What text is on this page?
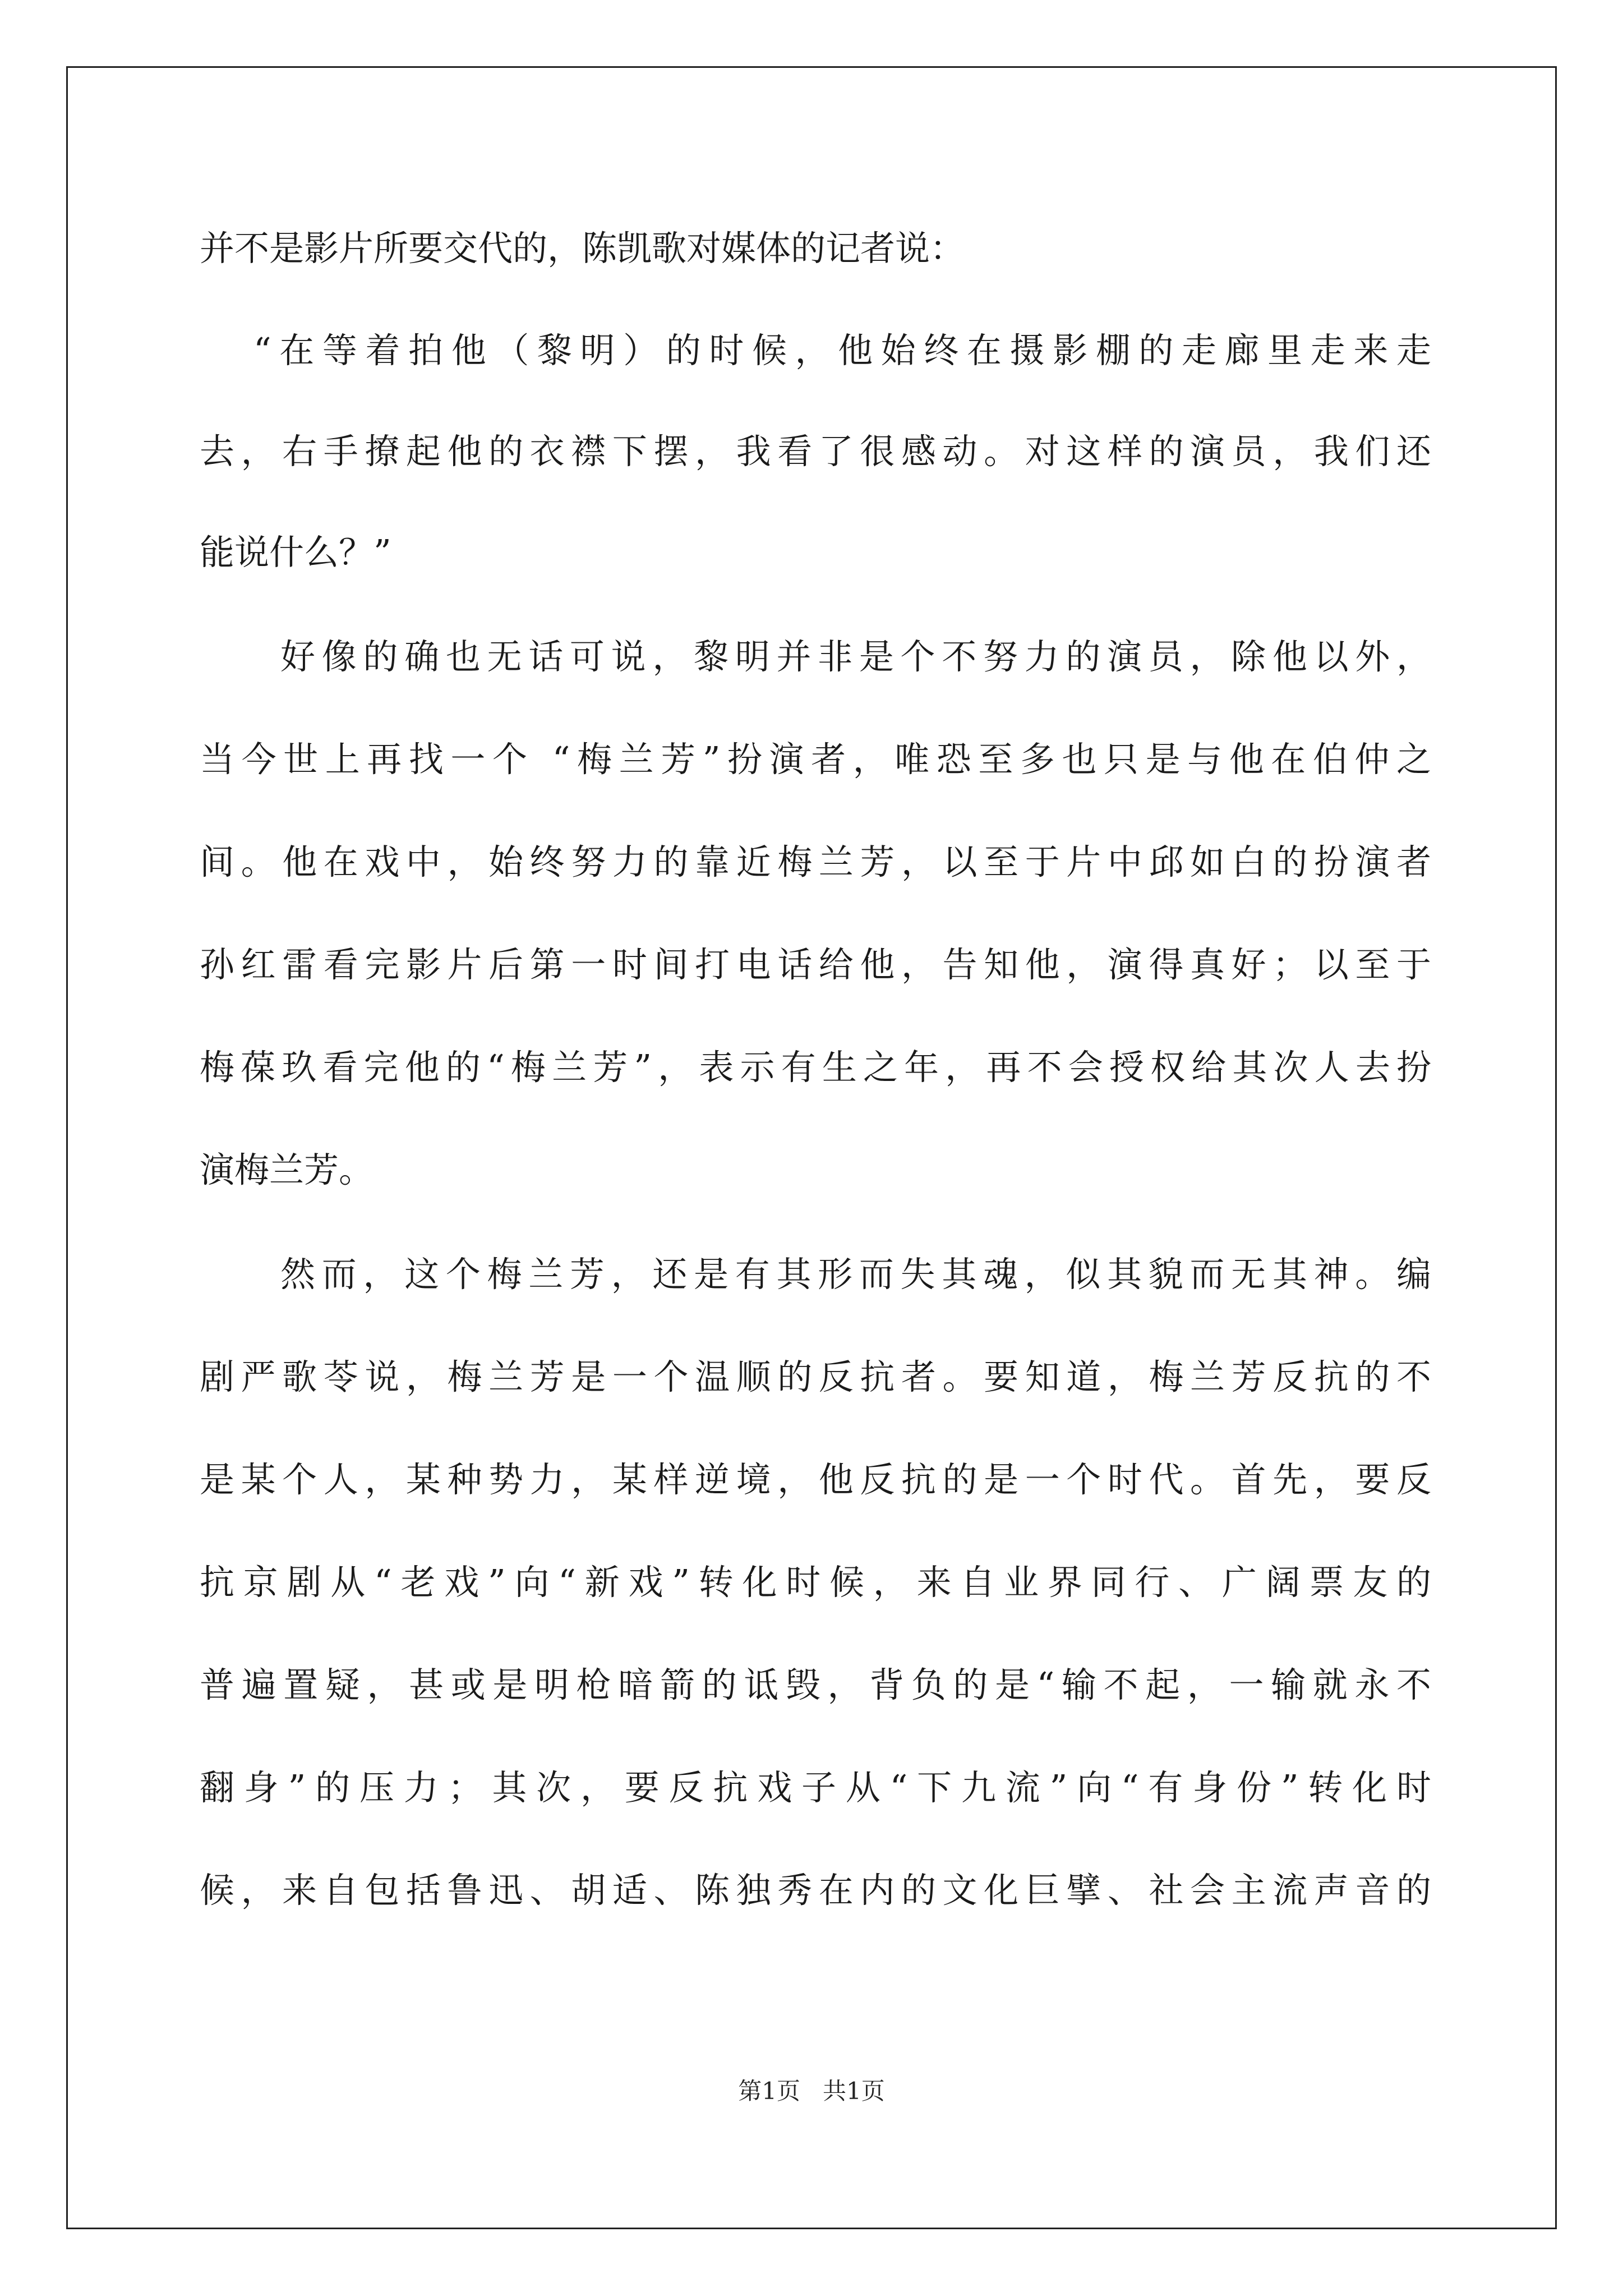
并不是影片所要交代的，陈凯歌对媒体的记者说：
“在等着拍他（黎明）的时候，他始终在摄影棚的走廊里走来走
去，右手撩起他的衣襟下摆，我看了很感动。对这样的演员，我们还
能说什么？”
好像的确也无话可说，黎明并非是个不努力的演员，除他以外，
当今世上再找一个 “梅兰芳”扮演者，唯恐至多也只是与他在伯仲之
间。他在戏中，始终努力的靠近梅兰芳，以至于片中邱如白的扮演者
孙红雷看完影片后第一时间打电话给他，告知他，演得真好；以至于
梅葆玖看完他的“梅兰芳”，表示有生之年，再不会授权给其次人去扮
演梅兰芳。
然而，这个梅兰芳，还是有其形而失其魂，似其貌而无其神。编
剧严歌苓说，梅兰芳是一个温顺的反抗者。要知道，梅兰芳反抗的不
是某个人，某种势力，某样逆境，他反抗的是一个时代。首先，要反
抗京剧从“老戏”向“新戏”转化时候，来自业界同行、广阔票友的
普遍置疑，甚或是明枪暗箭的诋毁，背负的是“输不起，一输就永不
翻身”的压力；其次，要反抗戏子从“下九流”向“有身份”转化时
候，来自包括鲁迅、胡适、陈独秀在内的文化巨擘、社会主流声音的
第1页   共1页
